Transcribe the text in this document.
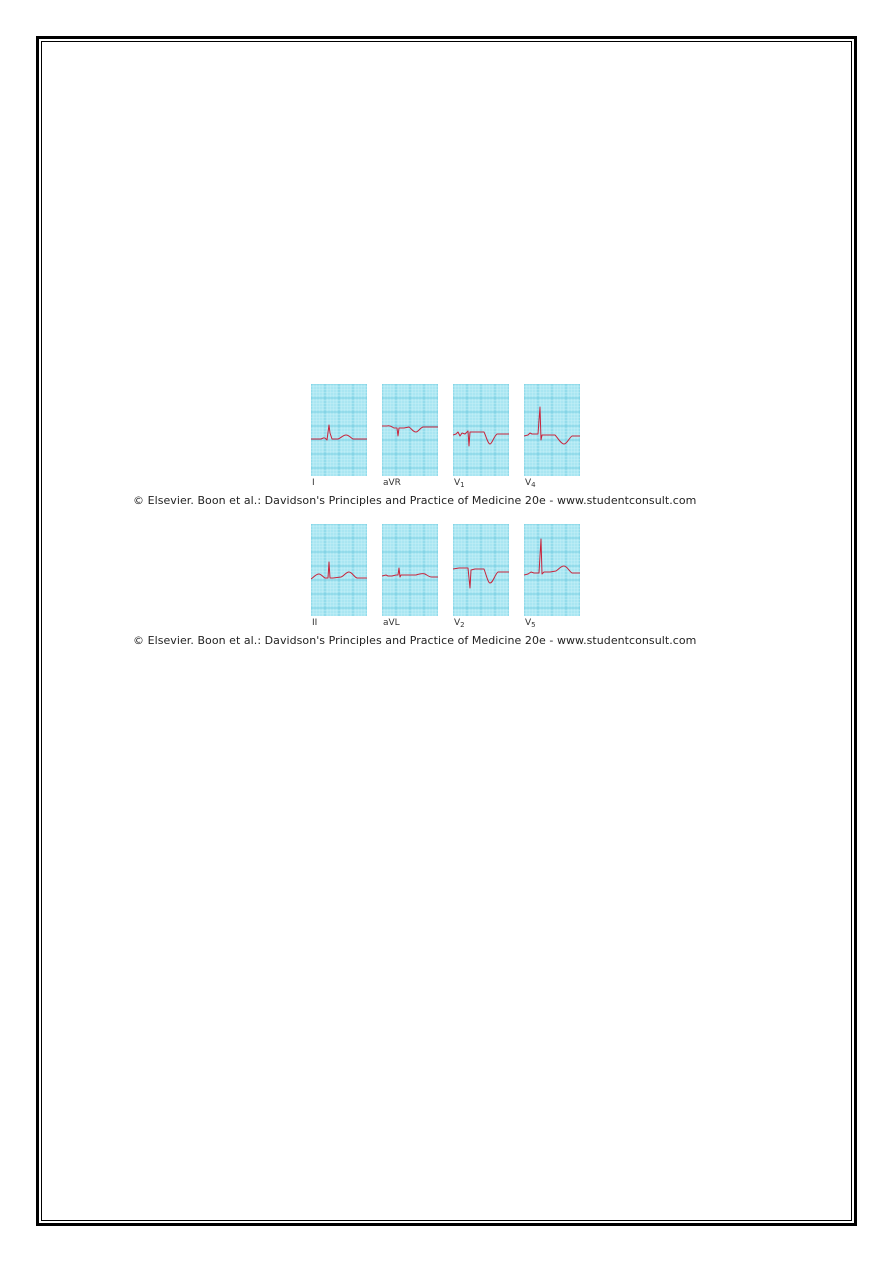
I	aVR	$V_1$	$V_4$
© Elsevier. Boon et al.: Davidson's Principles and Practice of Medicine 20e - www.studentconsult.com
II	aVL	$V_2$	$V_5$
© Elsevier. Boon et al.: Davidson's Principles and Practice of Medicine 20e - www.studentconsult.com
